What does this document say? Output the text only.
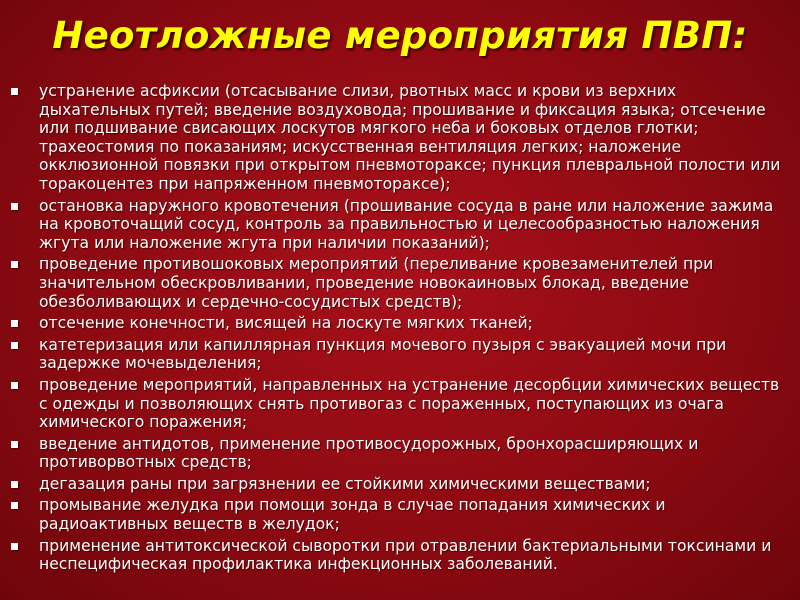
Неотложные мероприятия ПВП:
устранение асфиксии (отсасывание слизи, рвотных масс и крови из верхних дыхательных путей; введение воздуховода; прошивание и фиксация языка; отсечение или подшивание свисающих лоскутов мягкого неба и боковых отделов глотки; трахеостомия по показаниям; искусственная вентиляция легких; наложение окклюзионной повязки при открытом пневмотораксе; пункция плевральной полости или торакоцентез при напряженном пневмотораксе);
остановка наружного кровотечения (прошивание сосуда в ране или наложение зажима на кровоточащий сосуд, контроль за правильностью и целесообразностью наложения жгута или наложение жгута при наличии показаний);
проведение противошоковых мероприятий (переливание кровезаменителей при значительном обескровливании, проведение новокаиновых блокад, введение обезболивающих и сердечно-сосудистых средств);
отсечение конечности, висящей на лоскуте мягких тканей;
катетеризация или капиллярная пункция мочевого пузыря с эвакуацией мочи при задержке мочевыделения;
проведение мероприятий, направленных на устранение десорбции химических веществ с одежды и позволяющих снять противогаз с пораженных, поступающих из очага химического поражения;
введение антидотов, применение противосудорожных, бронхорасширяющих и противорвотных средств;
дегазация раны при загрязнении ее стойкими химическими веществами;
промывание желудка при помощи зонда в случае попадания химических и радиоактивных веществ в желудок;
применение антитоксической сыворотки при отравлении бактериальными токсинами и неспецифическая профилактика инфекционных заболеваний.
